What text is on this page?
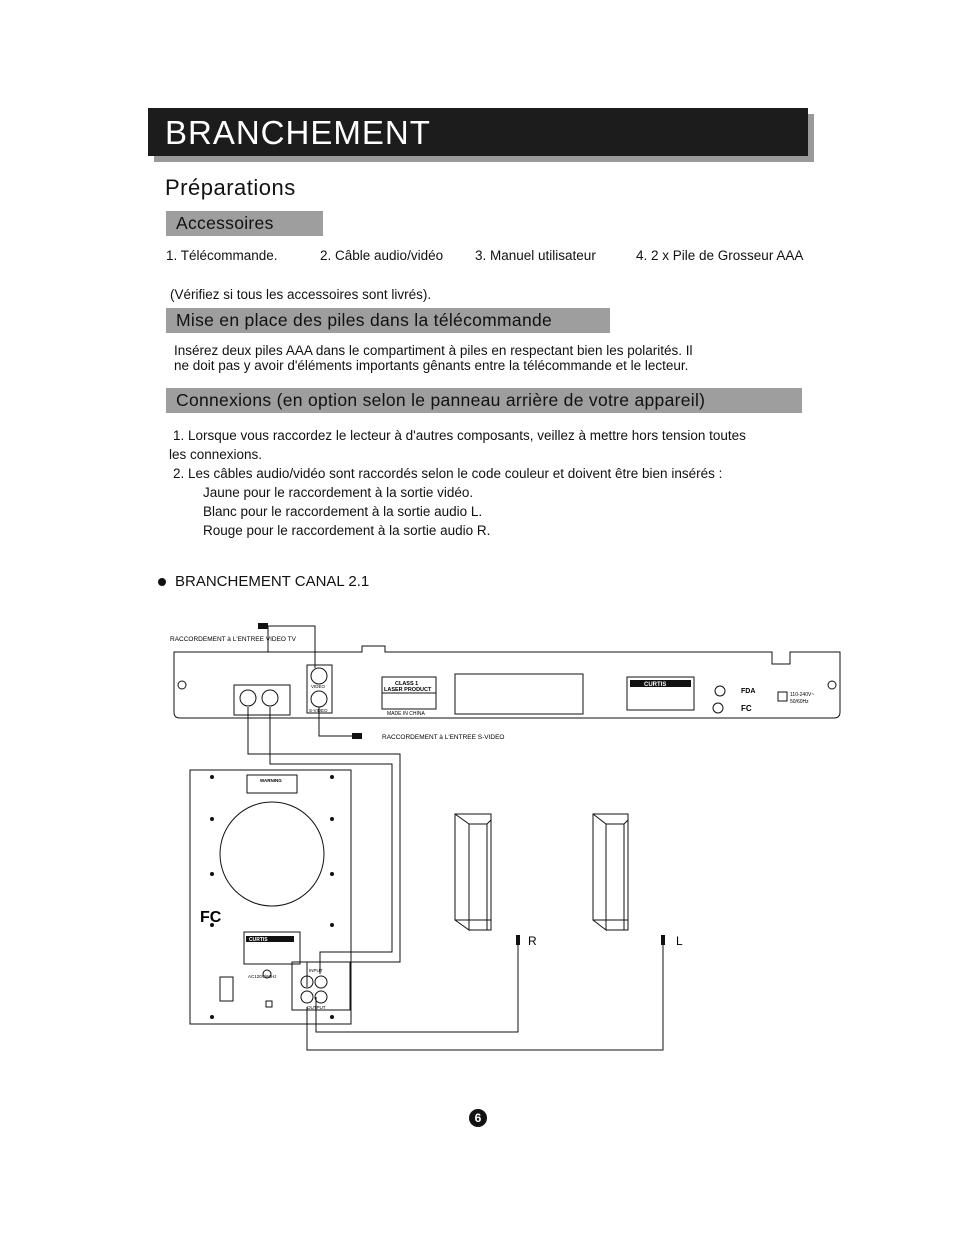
BRANCHEMENT
Préparations
Accessoires
1. Télécommande.	2. Câble audio/vidéo 3. Manuel utilisateur	4. 2 x Pile de Grosseur AAA
(Vérifiez si tous les accessoires sont livrés).
Mise en place des piles dans la télécommande
Insérez deux piles AAA dans le compartiment à piles en respectant bien les polarités. Il
ne doit pas y avoir d'éléments importants gênants entre la télécommande et le lecteur.
Connexions (en option selon le panneau arrière de votre appareil)
1. Lorsque vous raccordez le lecteur à d'autres composants, veillez à mettre hors tension toutes
les connexions.
2. Les câbles audio/vidéo sont raccordés selon le code couleur et doivent être bien insérés :
Jaune pour le raccordement à la sortie vidéo.
Blanc pour le raccordement à la sortie audio L.
Rouge pour le raccordement à la sortie audio R.
BRANCHEMENT CANAL 2.1
RACCORDEMENT à L'ENTREE VIDEO TV
RACCORDEMENT à L'ENTREE S-VIDEO
CLASS 1
LASER PRODUCT
MADE IN CHINA
CURTIS
FDA
FC
110-240V~
50/60Hz
S-VIDEO
VIDEO
R	L
AC120V/60Hz
INPUT
OUTPUT
WARNING
CURTIS
FC
6
